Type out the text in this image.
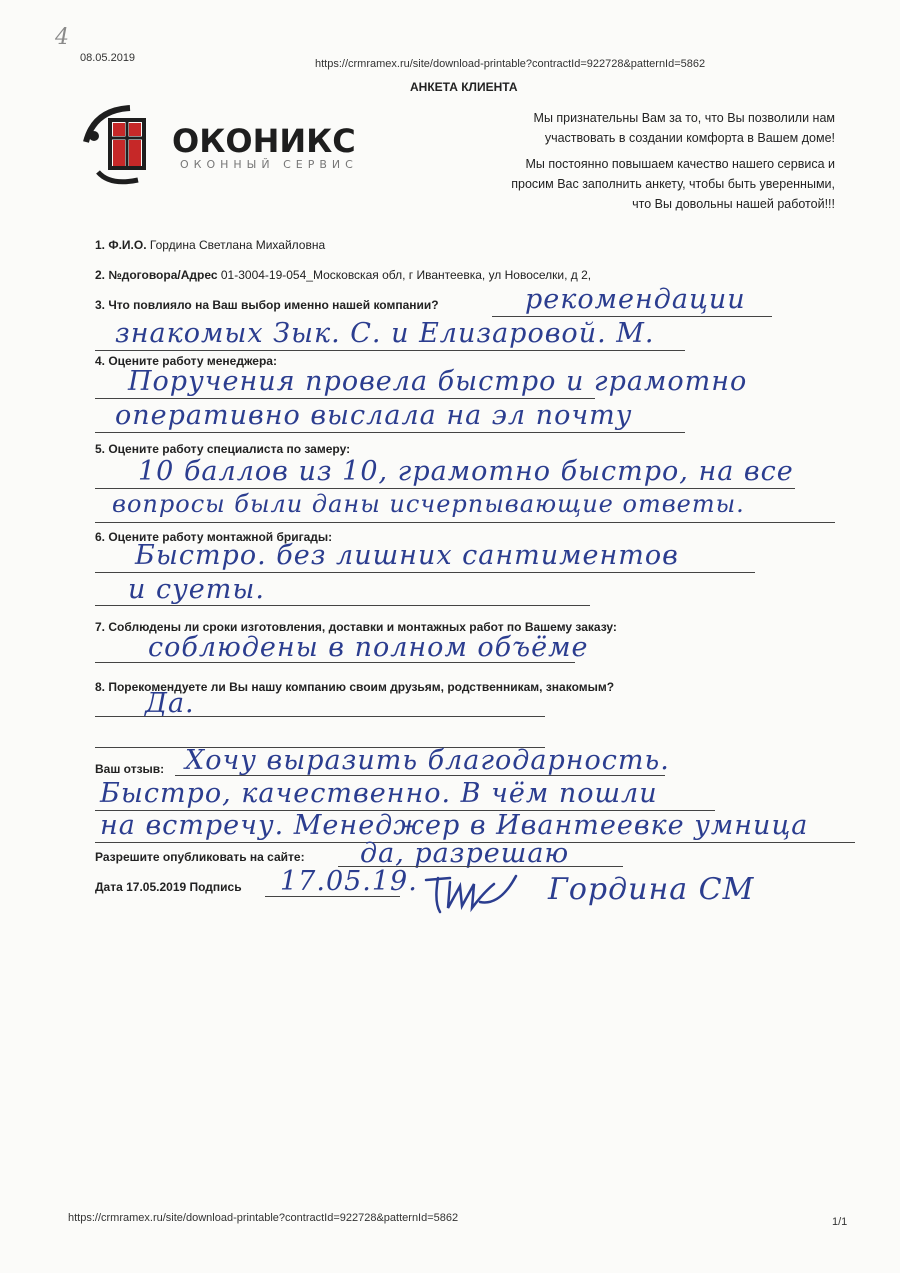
4
08.05.2019	https://crmramex.ru/site/download-printable?contractId=922728&patternId=5862
АНКЕТА КЛИЕНТА
ОКОНИКС
ОКОННЫЙ СЕРВИС
Мы признательны Вам за то, что Вы позволили нам
участвовать в создании комфорта в Вашем доме!
Мы постоянно повышаем качество нашего сервиса и
просим Вас заполнить анкету, чтобы быть уверенными,
что Вы довольны нашей работой!!!
1. Ф.И.О. Гордина Светлана Михайловна
2. №договора/Адрес 01-3004-19-054_Московская обл, г Ивантеевка, ул Новоселки, д 2,
3. Что повлияло на Ваш выбор именно нашей компании?	рекомендации
знакомых Зык. С. и Елизаровой. М.
4. Оцените работу менеджера:
Поручения провела быстро и грамотно
оперативно выслала на эл почту
5. Оцените работу специалиста по замеру:
10 баллов из 10, грамотно быстро, на все
вопросы были даны исчерпывающие ответы.
6. Оцените работу монтажной бригады:
Быстро. без лишних сантиментов
и суеты.
7. Соблюдены ли сроки изготовления, доставки и монтажных работ по Вашему заказу:
соблюдены в полном объёме
8. Порекомендуете ли Вы нашу компанию своим друзьям, родственникам, знакомым?
Да.
Ваш отзыв: Хочу выразить благодарность.
Быстро, качественно. В чём пошли
на встречу. Менеджер в Ивантеевке умница
Разрешите опубликовать на сайте: да, разрешаю
Дата 17.05.2019 Подпись 17.05.19.	Гордина СМ
https://crmramex.ru/site/download-printable?contractId=922728&patternId=5862	1/1
